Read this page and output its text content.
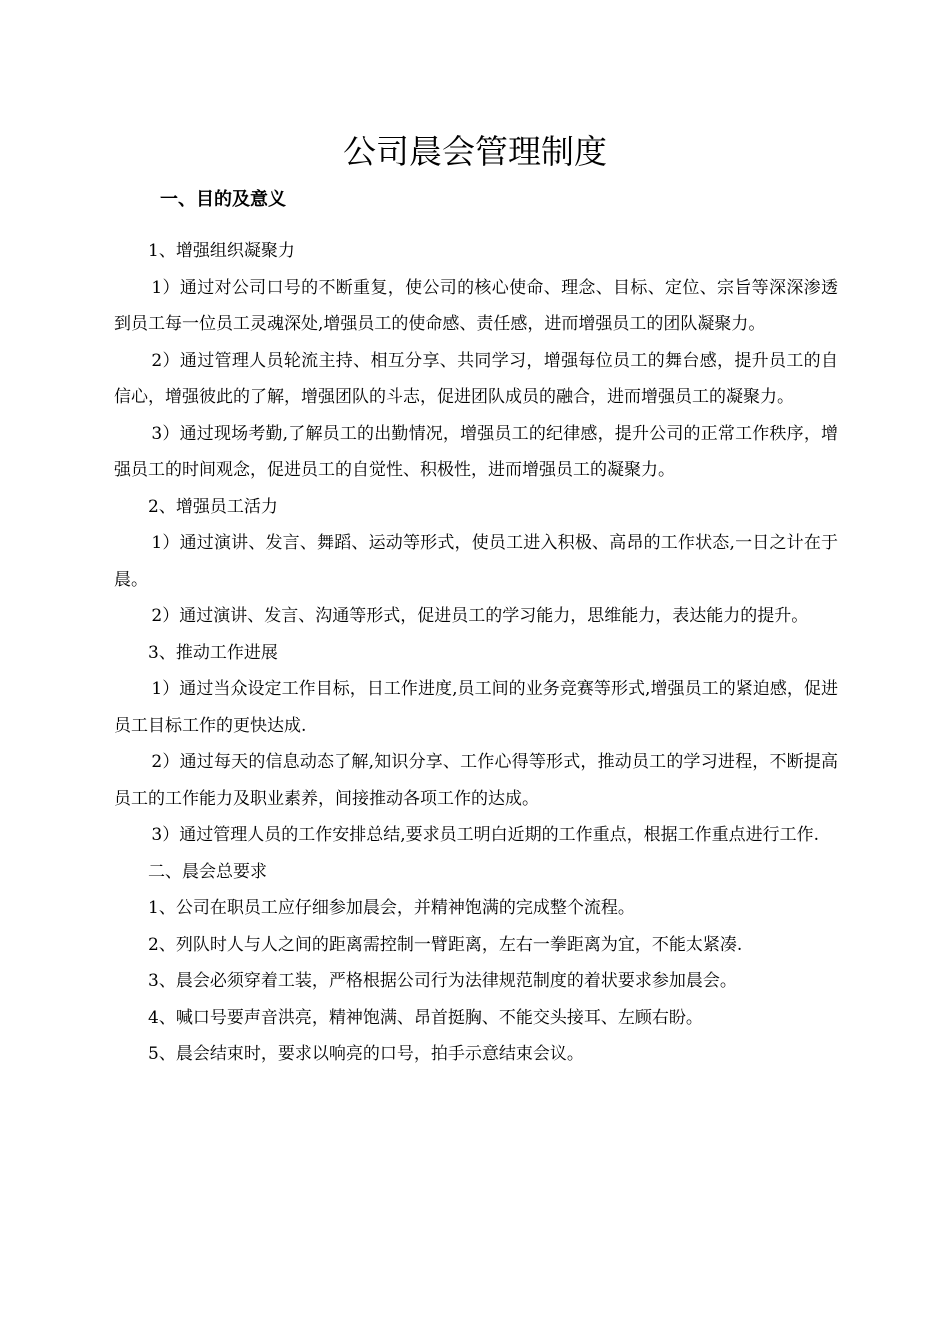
公司晨会管理制度
一、目的及意义

1、增强组织凝聚力

1）通过对公司口号的不断重复，使公司的核心使命、理念、目标、定位、宗旨等深深渗透到员工每一位员工灵魂深处,增强员工的使命感、责任感，进而增强员工的团队凝聚力。

2）通过管理人员轮流主持、相互分享、共同学习，增强每位员工的舞台感，提升员工的自信心，增强彼此的了解，增强团队的斗志，促进团队成员的融合，进而增强员工的凝聚力。

3）通过现场考勤,了解员工的出勤情况，增强员工的纪律感，提升公司的正常工作秩序，增强员工的时间观念，促进员工的自觉性、积极性，进而增强员工的凝聚力。

2、增强员工活力

1）通过演讲、发言、舞蹈、运动等形式，使员工进入积极、高昂的工作状态,一日之计在于晨。

2）通过演讲、发言、沟通等形式，促进员工的学习能力，思维能力，表达能力的提升。

3、推动工作进展

1）通过当众设定工作目标，日工作进度,员工间的业务竞赛等形式,增强员工的紧迫感，促进员工目标工作的更快达成.

2）通过每天的信息动态了解,知识分享、工作心得等形式，推动员工的学习进程，不断提高员工的工作能力及职业素养，间接推动各项工作的达成。

3）通过管理人员的工作安排总结,要求员工明白近期的工作重点，根据工作重点进行工作.

二、晨会总要求

1、公司在职员工应仔细参加晨会，并精神饱满的完成整个流程。

2、列队时人与人之间的距离需控制一臂距离，左右一拳距离为宜，不能太紧凑.

3、晨会必须穿着工装，严格根据公司行为法律规范制度的着状要求参加晨会。

4、喊口号要声音洪亮，精神饱满、昂首挺胸、不能交头接耳、左顾右盼。

5、晨会结束时，要求以响亮的口号，拍手示意结束会议。
